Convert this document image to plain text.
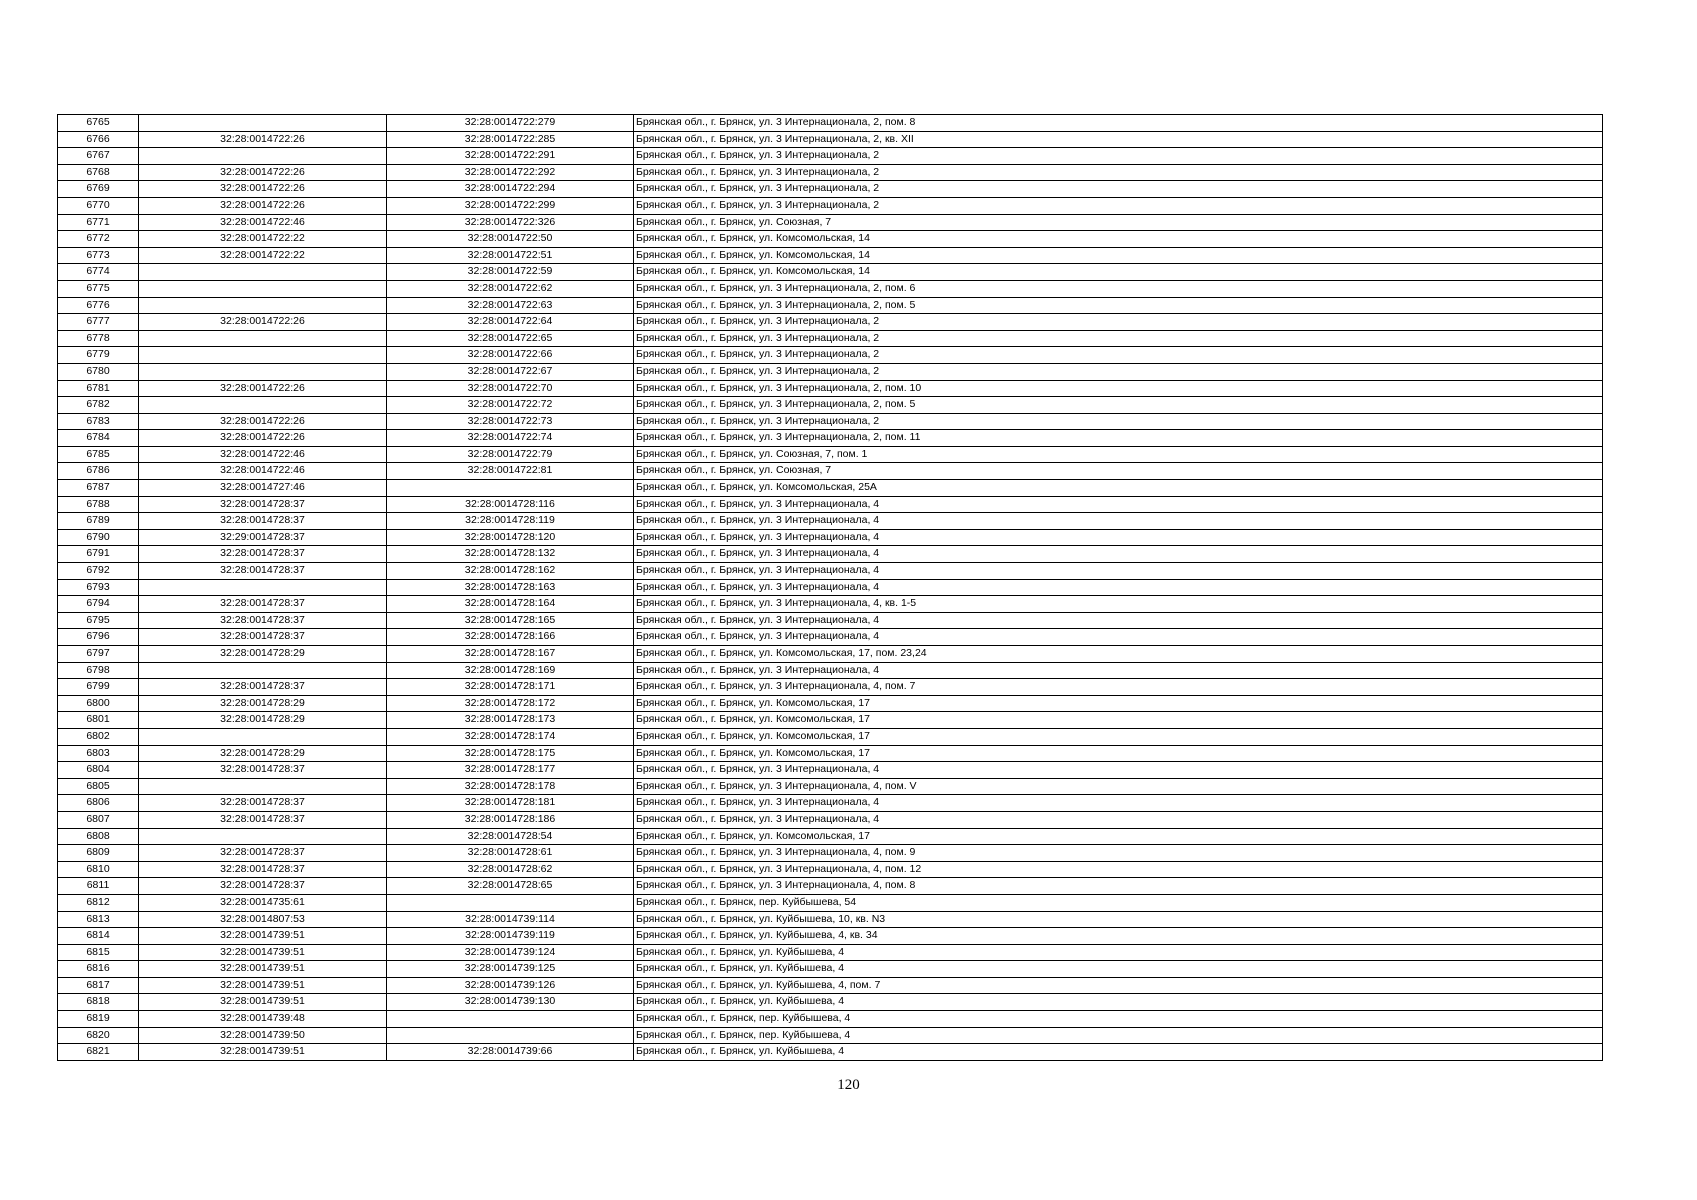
6765		32:28:0014722:279	Брянская обл., г. Брянск, ул. 3 Интернационала, 2, пом. 8
6766	32:28:0014722:26	32:28:0014722:285	Брянская обл., г. Брянск, ул. 3 Интернационала, 2, кв. XII
6767		32:28:0014722:291	Брянская обл., г. Брянск, ул. 3 Интернационала, 2
6768	32:28:0014722:26	32:28:0014722:292	Брянская обл., г. Брянск, ул. 3 Интернационала, 2
6769	32:28:0014722:26	32:28:0014722:294	Брянская обл., г. Брянск, ул. 3 Интернационала, 2
6770	32:28:0014722:26	32:28:0014722:299	Брянская обл., г. Брянск, ул. 3 Интернационала, 2
6771	32:28:0014722:46	32:28:0014722:326	Брянская обл., г. Брянск, ул. Союзная, 7
6772	32:28:0014722:22	32:28:0014722:50	Брянская обл., г. Брянск, ул. Комсомольская, 14
6773	32:28:0014722:22	32:28:0014722:51	Брянская обл., г. Брянск, ул. Комсомольская, 14
6774		32:28:0014722:59	Брянская обл., г. Брянск, ул. Комсомольская, 14
6775		32:28:0014722:62	Брянская обл., г. Брянск, ул. 3 Интернационала, 2, пом. 6
6776		32:28:0014722:63	Брянская обл., г. Брянск, ул. 3 Интернационала, 2, пом. 5
6777	32:28:0014722:26	32:28:0014722:64	Брянская обл., г. Брянск, ул. 3 Интернационала, 2
6778		32:28:0014722:65	Брянская обл., г. Брянск, ул. 3 Интернационала, 2
6779		32:28:0014722:66	Брянская обл., г. Брянск, ул. 3 Интернационала, 2
6780		32:28:0014722:67	Брянская обл., г. Брянск, ул. 3 Интернационала, 2
6781	32:28:0014722:26	32:28:0014722:70	Брянская обл., г. Брянск, ул. 3 Интернационала, 2, пом. 10
6782		32:28:0014722:72	Брянская обл., г. Брянск, ул. 3 Интернационала, 2, пом. 5
6783	32:28:0014722:26	32:28:0014722:73	Брянская обл., г. Брянск, ул. 3 Интернационала, 2
6784	32:28:0014722:26	32:28:0014722:74	Брянская обл., г. Брянск, ул. 3 Интернационала, 2, пом. 11
6785	32:28:0014722:46	32:28:0014722:79	Брянская обл., г. Брянск, ул. Союзная, 7, пом. 1
6786	32:28:0014722:46	32:28:0014722:81	Брянская обл., г. Брянск, ул. Союзная, 7
6787	32:28:0014727:46		Брянская обл., г. Брянск, ул. Комсомольская, 25А
6788	32:28:0014728:37	32:28:0014728:116	Брянская обл., г. Брянск, ул. 3 Интернационала, 4
6789	32:28:0014728:37	32:28:0014728:119	Брянская обл., г. Брянск, ул. 3 Интернационала, 4
6790	32:29:0014728:37	32:28:0014728:120	Брянская обл., г. Брянск, ул. 3 Интернационала, 4
6791	32:28:0014728:37	32:28:0014728:132	Брянская обл., г. Брянск, ул. 3 Интернационала, 4
6792	32:28:0014728:37	32:28:0014728:162	Брянская обл., г. Брянск, ул. 3 Интернационала, 4
6793		32:28:0014728:163	Брянская обл., г. Брянск, ул. 3 Интернационала, 4
6794	32:28:0014728:37	32:28:0014728:164	Брянская обл., г. Брянск, ул. 3 Интернационала, 4, кв. 1-5
6795	32:28:0014728:37	32:28:0014728:165	Брянская обл., г. Брянск, ул. 3 Интернационала, 4
6796	32:28:0014728:37	32:28:0014728:166	Брянская обл., г. Брянск, ул. 3 Интернационала, 4
6797	32:28:0014728:29	32:28:0014728:167	Брянская обл., г. Брянск, ул. Комсомольская, 17, пом. 23,24
6798		32:28:0014728:169	Брянская обл., г. Брянск, ул. 3 Интернационала, 4
6799	32:28:0014728:37	32:28:0014728:171	Брянская обл., г. Брянск, ул. 3 Интернационала, 4, пом. 7
6800	32:28:0014728:29	32:28:0014728:172	Брянская обл., г. Брянск, ул. Комсомольская, 17
6801	32:28:0014728:29	32:28:0014728:173	Брянская обл., г. Брянск, ул. Комсомольская, 17
6802		32:28:0014728:174	Брянская обл., г. Брянск, ул. Комсомольская, 17
6803	32:28:0014728:29	32:28:0014728:175	Брянская обл., г. Брянск, ул. Комсомольская, 17
6804	32:28:0014728:37	32:28:0014728:177	Брянская обл., г. Брянск, ул. 3 Интернационала, 4
6805		32:28:0014728:178	Брянская обл., г. Брянск, ул. 3 Интернационала, 4, пом. V
6806	32:28:0014728:37	32:28:0014728:181	Брянская обл., г. Брянск, ул. 3 Интернационала, 4
6807	32:28:0014728:37	32:28:0014728:186	Брянская обл., г. Брянск, ул. 3 Интернационала, 4
6808		32:28:0014728:54	Брянская обл., г. Брянск, ул. Комсомольская, 17
6809	32:28:0014728:37	32:28:0014728:61	Брянская обл., г. Брянск, ул. 3 Интернационала, 4, пом. 9
6810	32:28:0014728:37	32:28:0014728:62	Брянская обл., г. Брянск, ул. 3 Интернационала, 4, пом. 12
6811	32:28:0014728:37	32:28:0014728:65	Брянская обл., г. Брянск, ул. 3 Интернационала, 4, пом. 8
6812	32:28:0014735:61		Брянская обл., г. Брянск, пер. Куйбышева, 54
6813	32:28:0014807:53	32:28:0014739:114	Брянская обл., г. Брянск, ул. Куйбышева, 10, кв. N3
6814	32:28:0014739:51	32:28:0014739:119	Брянская обл., г. Брянск, ул. Куйбышева, 4, кв. 34
6815	32:28:0014739:51	32:28:0014739:124	Брянская обл., г. Брянск, ул. Куйбышева, 4
6816	32:28:0014739:51	32:28:0014739:125	Брянская обл., г. Брянск, ул. Куйбышева, 4
6817	32:28:0014739:51	32:28:0014739:126	Брянская обл., г. Брянск, ул. Куйбышева, 4, пом. 7
6818	32:28:0014739:51	32:28:0014739:130	Брянская обл., г. Брянск, ул. Куйбышева, 4
6819	32:28:0014739:48		Брянская обл., г. Брянск, пер. Куйбышева, 4
6820	32:28:0014739:50		Брянская обл., г. Брянск, пер. Куйбышева, 4
6821	32:28:0014739:51	32:28:0014739:66	Брянская обл., г. Брянск, ул. Куйбышева, 4
120
